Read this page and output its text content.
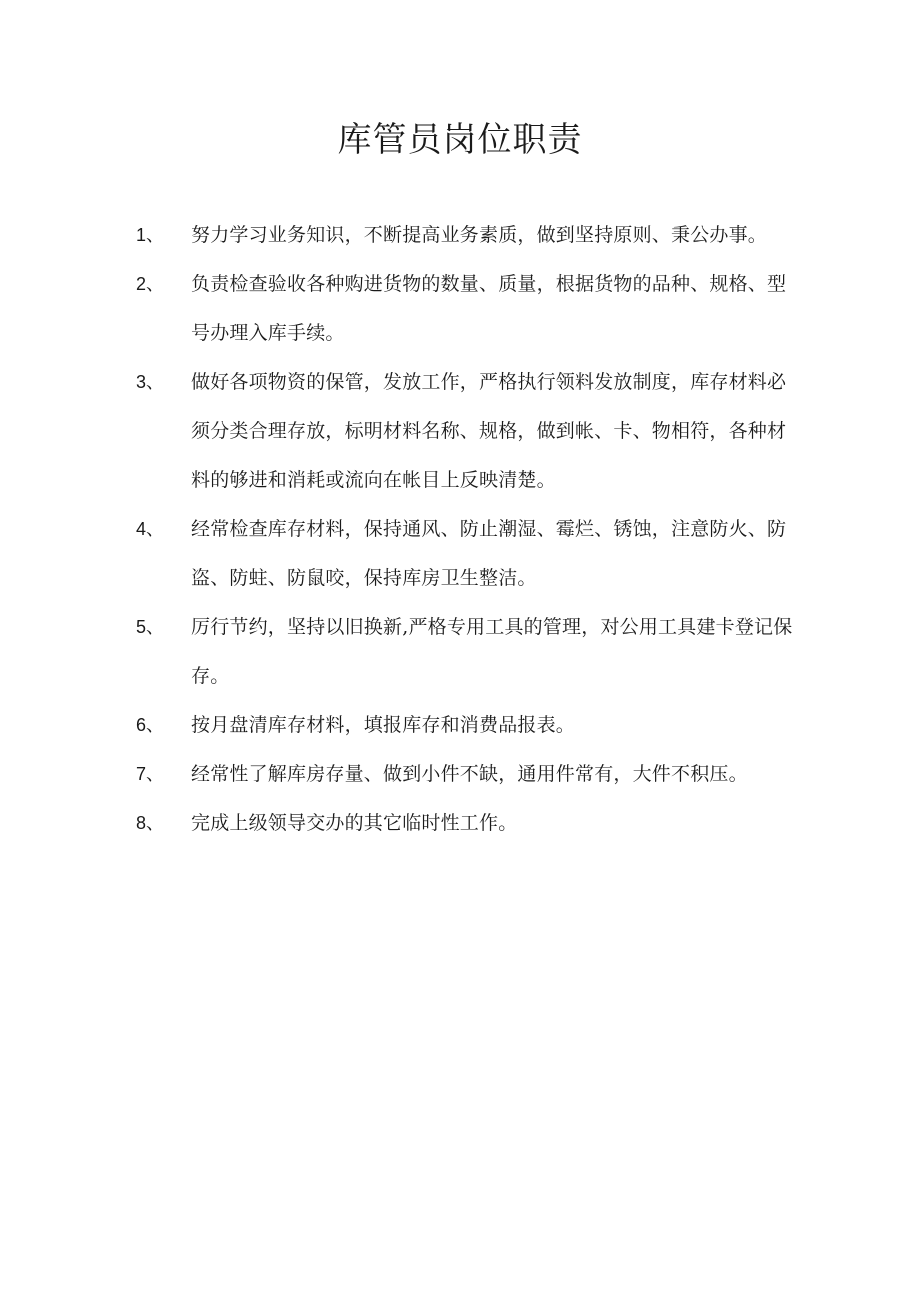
库管员岗位职责
1、	努力学习业务知识，不断提高业务素质，做到坚持原则、秉公办事。

2、	负责检查验收各种购进货物的数量、质量，根据货物的品种、规格、型号办理入库手续。

3、	做好各项物资的保管，发放工作，严格执行领料发放制度，库存材料必须分类合理存放，标明材料名称、规格，做到帐、卡、物相符，各种材料的够进和消耗或流向在帐目上反映清楚。

4、	经常检查库存材料，保持通风、防止潮湿、霉烂、锈蚀，注意防火、防盗、防蛀、防鼠咬，保持库房卫生整洁。

5、	厉行节约，坚持以旧换新,严格专用工具的管理，对公用工具建卡登记保存。

6、	按月盘清库存材料，填报库存和消费品报表。

7、	经常性了解库房存量、做到小件不缺，通用件常有，大件不积压。

8、	完成上级领导交办的其它临时性工作。
